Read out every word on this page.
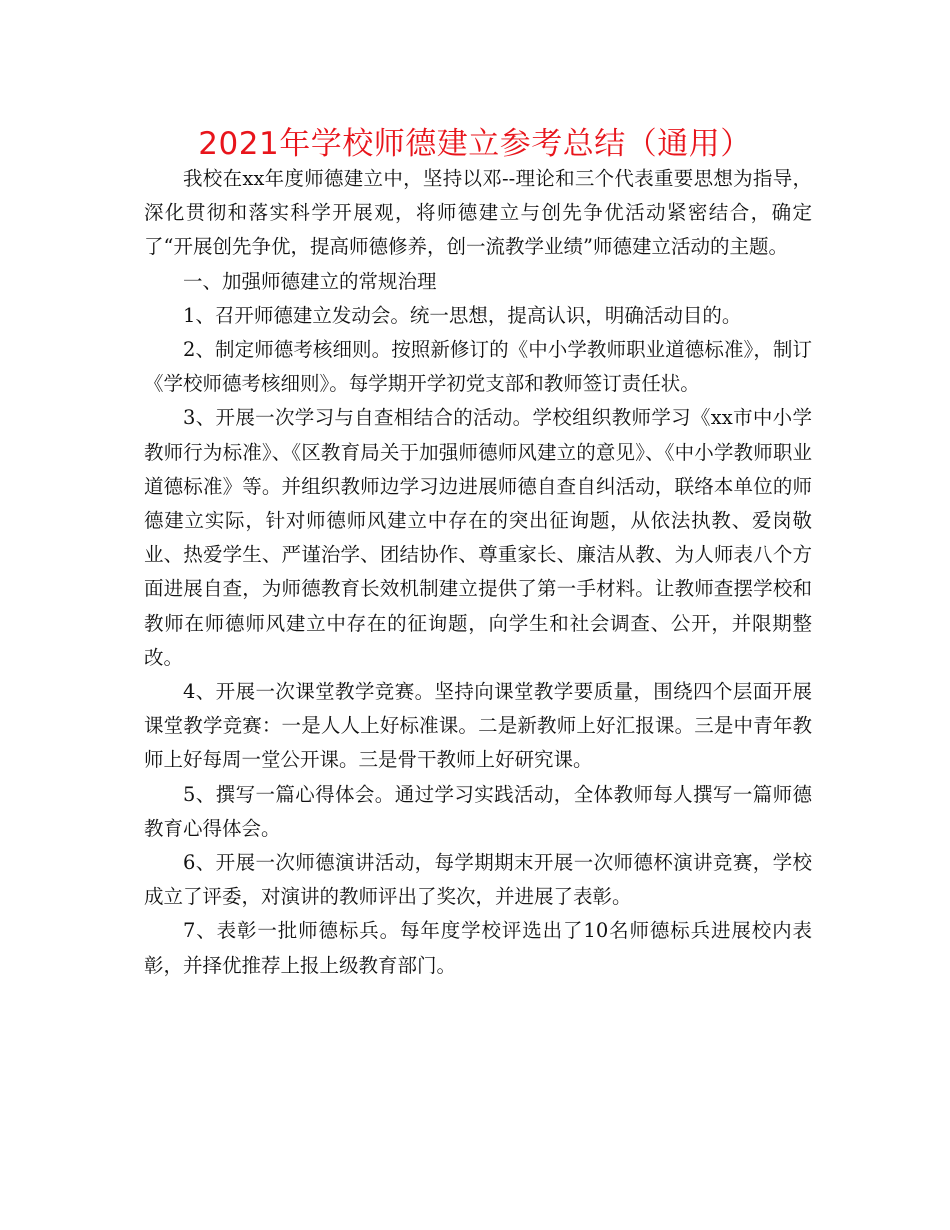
2021年学校师德建立参考总结（通用）

我校在xx年度师德建立中，坚持以邓--理论和三个代表重要思想为指导，深化贯彻和落实科学开展观，将师德建立与创先争优活动紧密结合，确定了“开展创先争优，提高师德修养，创一流教学业绩”师德建立活动的主题。

一、加强师德建立的常规治理

1、召开师德建立发动会。统一思想，提高认识，明确活动目的。

2、制定师德考核细则。按照新修订的《中小学教师职业道德标准》，制订《学校师德考核细则》。每学期开学初党支部和教师签订责任状。

3、开展一次学习与自查相结合的活动。学校组织教师学习《xx市中小学教师行为标准》、《区教育局关于加强师德师风建立的意见》、《中小学教师职业道德标准》等。并组织教师边学习边进展师德自查自纠活动，联络本单位的师德建立实际，针对师德师风建立中存在的突出征询题，从依法执教、爱岗敬业、热爱学生、严谨治学、团结协作、尊重家长、廉洁从教、为人师表八个方面进展自查，为师德教育长效机制建立提供了第一手材料。让教师查摆学校和教师在师德师风建立中存在的征询题，向学生和社会调查、公开，并限期整改。

4、开展一次课堂教学竞赛。坚持向课堂教学要质量，围绕四个层面开展课堂教学竞赛：一是人人上好标准课。二是新教师上好汇报课。三是中青年教师上好每周一堂公开课。三是骨干教师上好研究课。

5、撰写一篇心得体会。通过学习实践活动，全体教师每人撰写一篇师德教育心得体会。

6、开展一次师德演讲活动，每学期期末开展一次师德杯演讲竞赛，学校成立了评委，对演讲的教师评出了奖次，并进展了表彰。

7、表彰一批师德标兵。每年度学校评选出了10名师德标兵进展校内表彰，并择优推荐上报上级教育部门。
